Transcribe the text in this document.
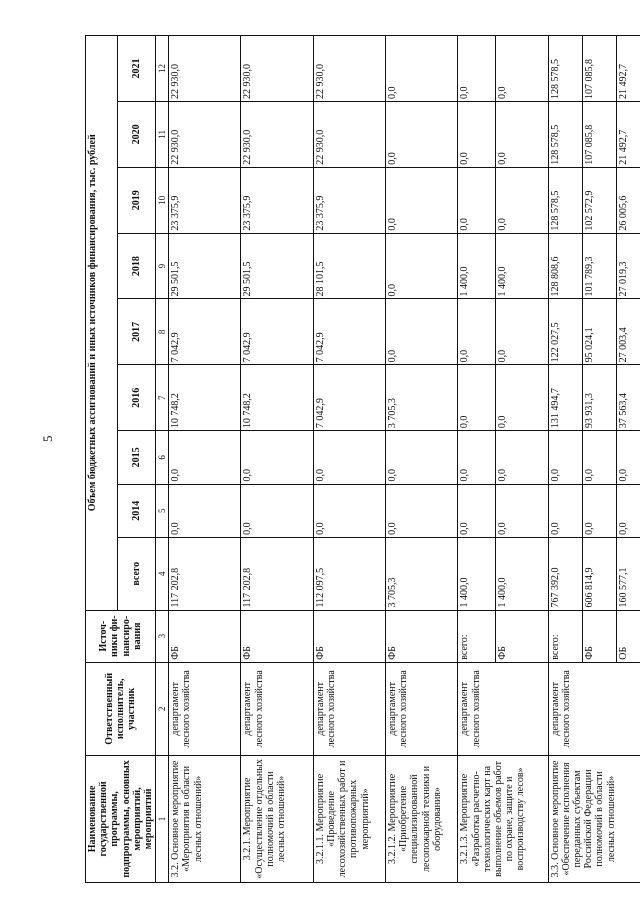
5
Наименование государственной программы, подпрограммы, основных мероприятий, мероприятий	Ответственный исполнитель, участник	Источ-ники фи-нансиро-вания	Объем бюджетных ассигнований и иных источников финансирования, тыс. рублей								
			всего	2014	2015	2016	2017	2018	2019	2020	2021
1	2	3	4	5	6	7	8	9	10	11	12
3.2. Основное мероприятие «Мероприятия в области лесных отношений»	департамент лесного хозяйства	ФБ	117 202,8	0,0	0,0	10 748,2	7 042,9	29 501,5	23 375,9	22 930,0	22 930,0
3.2.1. Мероприятие «Осуществление отдельных полномочий в области лесных отношений»	департамент лесного хозяйства	ФБ	117 202,8	0,0	0,0	10 748,2	7 042,9	29 501,5	23 375,9	22 930,0	22 930,0
3.2.1.1. Мероприятие «Проведение лесохозяйственных работ и противопожарных мероприятий»	департамент лесного хозяйства	ФБ	112 097,5	0,0	0,0	7 042,9	7 042,9	28 101,5	23 375,9	22 930,0	22 930,0
3.2.1.2. Мероприятие «Приобретение специализированной лесопожарной техники и оборудования»	департамент лесного хозяйства	ФБ	3 705,3	0,0	0,0	3 705,3	0,0	0,0	0,0	0,0	0,0
3.2.1.3. Мероприятие «Разработка расчетно-технологических карт на выполнение объемов работ по охране, защите и воспроизводству лесов»	департамент лесного хозяйства	всего:	1 400,0	0,0	0,0	0,0	0,0	1 400,0	0,0	0,0	0,0
		ФБ	1 400,0	0,0	0,0	0,0	0,0	1 400,0	0,0	0,0	0,0
3.3. Основное мероприятие «Обеспечение исполнения переданных субъектам Российской Федерации полномочий в области лесных отношений»	департамент лесного хозяйства	всего:	767 392,0	0,0	0,0	131 494,7	122 027,5	128 808,6	128 578,5	128 578,5	128 578,5
		ФБ	606 814,9	0,0	0,0	93 931,3	95 024,1	101 789,3	102 572,9	107 085,8	107 085,8
		ОБ	160 577,1	0,0	0,0	37 563,4	27 003,4	27 019,3	26 005,6	21 492,7	21 492,7
